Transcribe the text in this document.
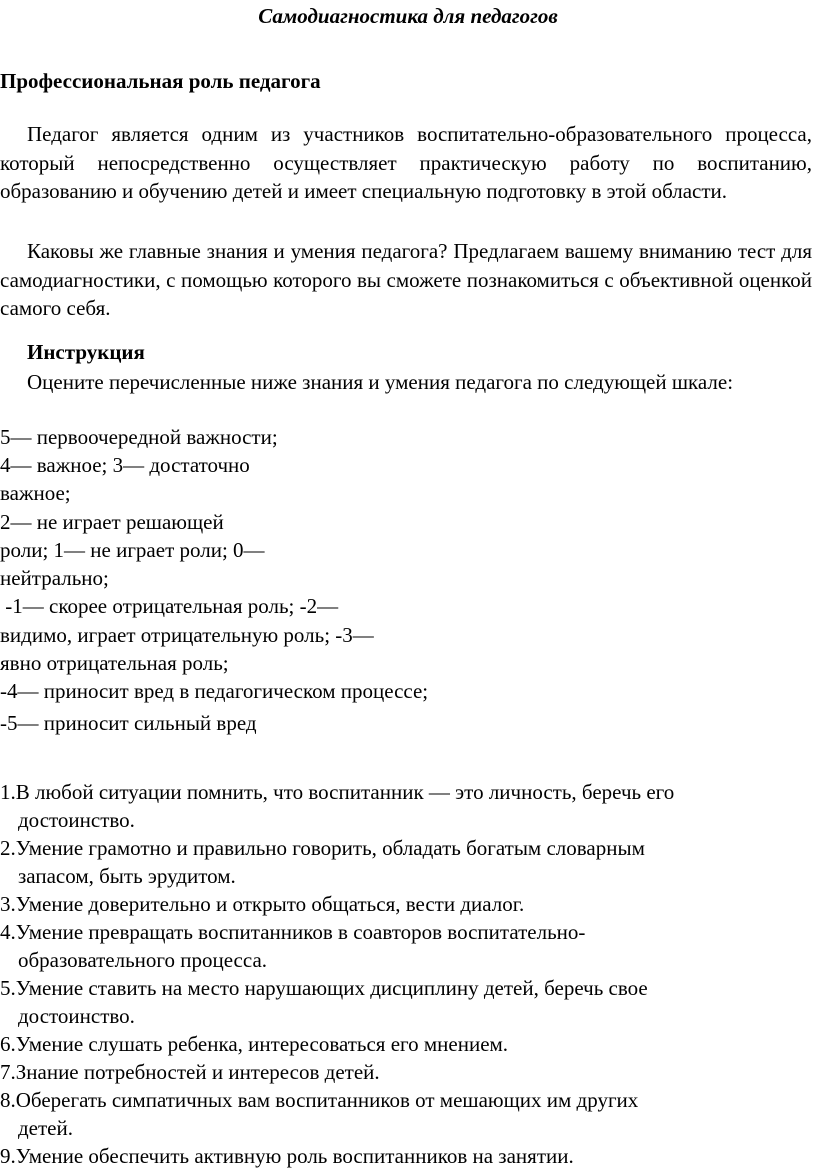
Самодиагностика для педагогов
Профессиональная роль педагога

Педагог является одним из участников воспитательно-образовательного процесса, который непосредственно осуществляет практическую работу по воспитанию, образованию и обучению детей и имеет специальную подготовку в этой области.

Каковы же главные знания и умения педагога? Предлагаем вашему вниманию тест для самодиагностики, с помощью которого вы сможете познакомиться с объективной оценкой самого себя.

Инструкция

Оцените перечисленные ниже знания и умения педагога по следующей шкале:

5— первоочередной важности;
4— важное; 3— достаточно
важное;
2— не играет решающей
роли; 1— не играет роли; 0—
нейтрально;
-1— скорее отрицательная роль; -2—
видимо, играет отрицательную роль; -3—
явно отрицательная роль;
-4— приносит вред в педагогическом процессе;
-5— приносит сильный вред
1.В любой ситуации помнить, что воспитанник — это личность, беречь его
достоинство.
2.Умение грамотно и правильно говорить, обладать богатым словарным
запасом, быть эрудитом.
3.Умение доверительно и открыто общаться, вести диалог.
4.Умение превращать воспитанников в соавторов воспитательно-
образовательного процесса.
5.Умение ставить на место нарушающих дисциплину детей, беречь свое
достоинство.
6.Умение слушать ребенка, интересоваться его мнением.
7.Знание потребностей и интересов детей.
8.Оберегать симпатичных вам воспитанников от мешающих им других
детей.
9.Умение обеспечить активную роль воспитанников на занятии.
